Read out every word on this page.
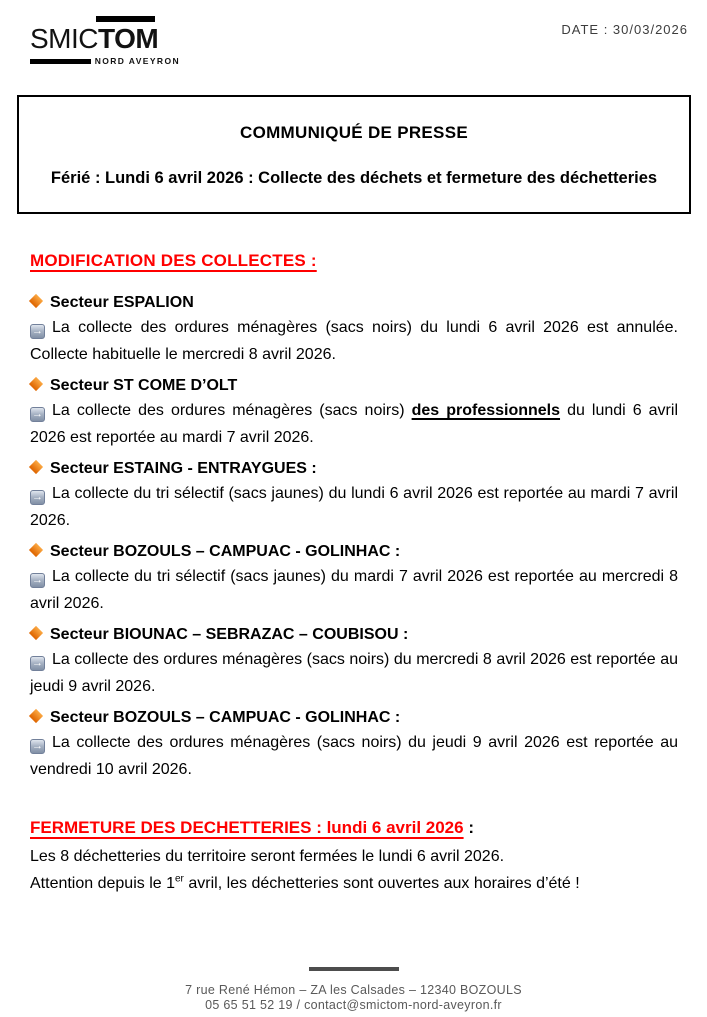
SMICTOM
NORD AVEYRON
DATE : 30/03/2026
COMMUNIQUÉ DE PRESSE
Férié : Lundi 6 avril 2026 : Collecte des déchets et fermeture des déchetteries
MODIFICATION DES COLLECTES :
Secteur ESPALION

→ La collecte des ordures ménagères (sacs noirs) du lundi 6 avril 2026 est annulée. Collecte habituelle le mercredi 8 avril 2026.

Secteur ST COME D’OLT

→ La collecte des ordures ménagères (sacs noirs) des professionnels du lundi 6 avril 2026 est reportée au mardi 7 avril 2026.

Secteur ESTAING - ENTRAYGUES :

→ La collecte du tri sélectif (sacs jaunes) du lundi 6 avril 2026 est reportée au mardi 7 avril 2026.

Secteur BOZOULS – CAMPUAC - GOLINHAC :

→ La collecte du tri sélectif (sacs jaunes) du mardi 7 avril 2026 est reportée au mercredi 8 avril 2026.

Secteur BIOUNAC – SEBRAZAC – COUBISOU :

→ La collecte des ordures ménagères (sacs noirs) du mercredi 8 avril 2026 est reportée au jeudi 9 avril 2026.

Secteur BOZOULS – CAMPUAC - GOLINHAC :

→ La collecte des ordures ménagères (sacs noirs) du jeudi 9 avril 2026 est reportée au vendredi 10 avril 2026.

FERMETURE DES DECHETTERIES : lundi 6 avril 2026 :
Les 8 déchetteries du territoire seront fermées le lundi 6 avril 2026.
Attention depuis le 1er avril, les déchetteries sont ouvertes aux horaires d’été !
7 rue René Hémon – ZA les Calsades – 12340 BOZOULS
05 65 51 52 19 / contact@smictom-nord-aveyron.fr
